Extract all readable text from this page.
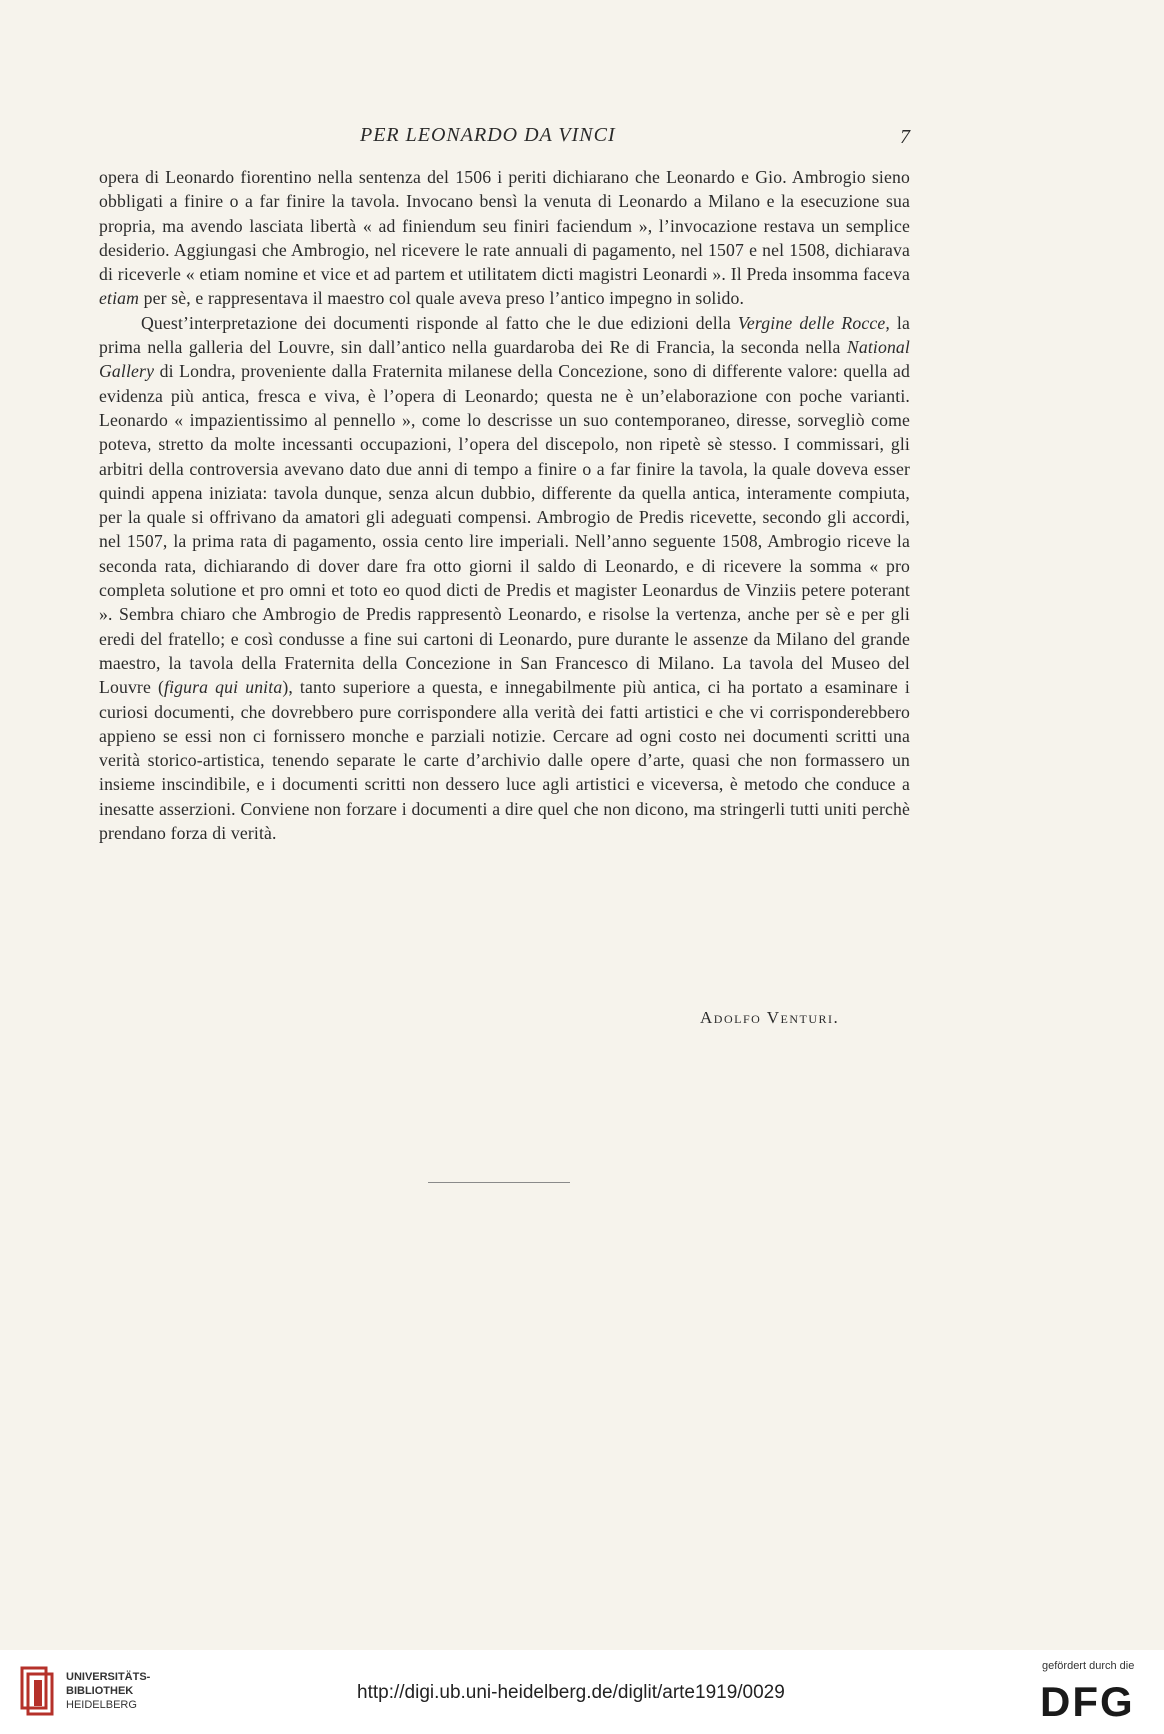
PER LEONARDO DA VINCI	7

opera di Leonardo fiorentino nella sentenza del 1506 i periti dichiarano che Leonardo e Gio. Ambrogio sieno obbligati a finire o a far finire la tavola. Invocano bensì la venuta di Leonardo a Milano e la esecuzione sua propria, ma avendo lasciata libertà « ad finiendum seu finiri faciendum », l’invocazione restava un semplice desiderio. Aggiungasi che Ambrogio, nel ricevere le rate annuali di pagamento, nel 1507 e nel 1508, dichiarava di riceverle « etiam nomine et vice et ad partem et utilitatem dicti magistri Leonardi ». Il Preda insomma faceva etiam per sè, e rappresentava il maestro col quale aveva preso l’antico impegno in solido.

Quest’interpretazione dei documenti risponde al fatto che le due edizioni della Vergine delle Rocce, la prima nella galleria del Louvre, sin dall’antico nella guardaroba dei Re di Francia, la seconda nella National Gallery di Londra, proveniente dalla Fraternita milanese della Concezione, sono di differente valore: quella ad evidenza più antica, fresca e viva, è l’opera di Leonardo; questa ne è un’elaborazione con poche varianti. Leonardo « impazientissimo al pennello », come lo descrisse un suo contemporaneo, diresse, sorvegliò come poteva, stretto da molte incessanti occupazioni, l’opera del discepolo, non ripetè sè stesso. I commissari, gli arbitri della controversia avevano dato due anni di tempo a finire o a far finire la tavola, la quale doveva esser quindi appena iniziata: tavola dunque, senza alcun dubbio, differente da quella antica, interamente compiuta, per la quale si offrivano da amatori gli adeguati compensi. Ambrogio de Predis ricevette, secondo gli accordi, nel 1507, la prima rata di pagamento, ossia cento lire imperiali. Nell’anno seguente 1508, Ambrogio riceve la seconda rata, dichiarando di dover dare fra otto giorni il saldo di Leonardo, e di ricevere la somma « pro completa solutione et pro omni et toto eo quod dicti de Predis et magister Leonardus de Vinziis petere poterant ». Sembra chiaro che Ambrogio de Predis rappresentò Leonardo, e risolse la vertenza, anche per sè e per gli eredi del fratello; e così condusse a fine sui cartoni di Leonardo, pure durante le assenze da Milano del grande maestro, la tavola della Fraternita della Concezione in San Francesco di Milano. La tavola del Museo del Louvre (figura qui unita), tanto superiore a questa, e innegabilmente più antica, ci ha portato a esaminare i curiosi documenti, che dovrebbero pure corrispondere alla verità dei fatti artistici e che vi corrisponderebbero appieno se essi non ci fornissero monche e parziali notizie. Cercare ad ogni costo nei documenti scritti una verità storico-artistica, tenendo separate le carte d’archivio dalle opere d’arte, quasi che non formassero un insieme inscindibile, e i documenti scritti non dessero luce agli artistici e viceversa, è metodo che conduce a inesatte asserzioni. Conviene non forzare i documenti a dire quel che non dicono, ma stringerli tutti uniti perchè prendano forza di verità.

Adolfo Venturi.
UNIVERSITÄTS-
BIBLIOTHEK
HEIDELBERG
http://digi.ub.uni-heidelberg.de/diglit/arte1919/0029
gefördert durch die
DFG
